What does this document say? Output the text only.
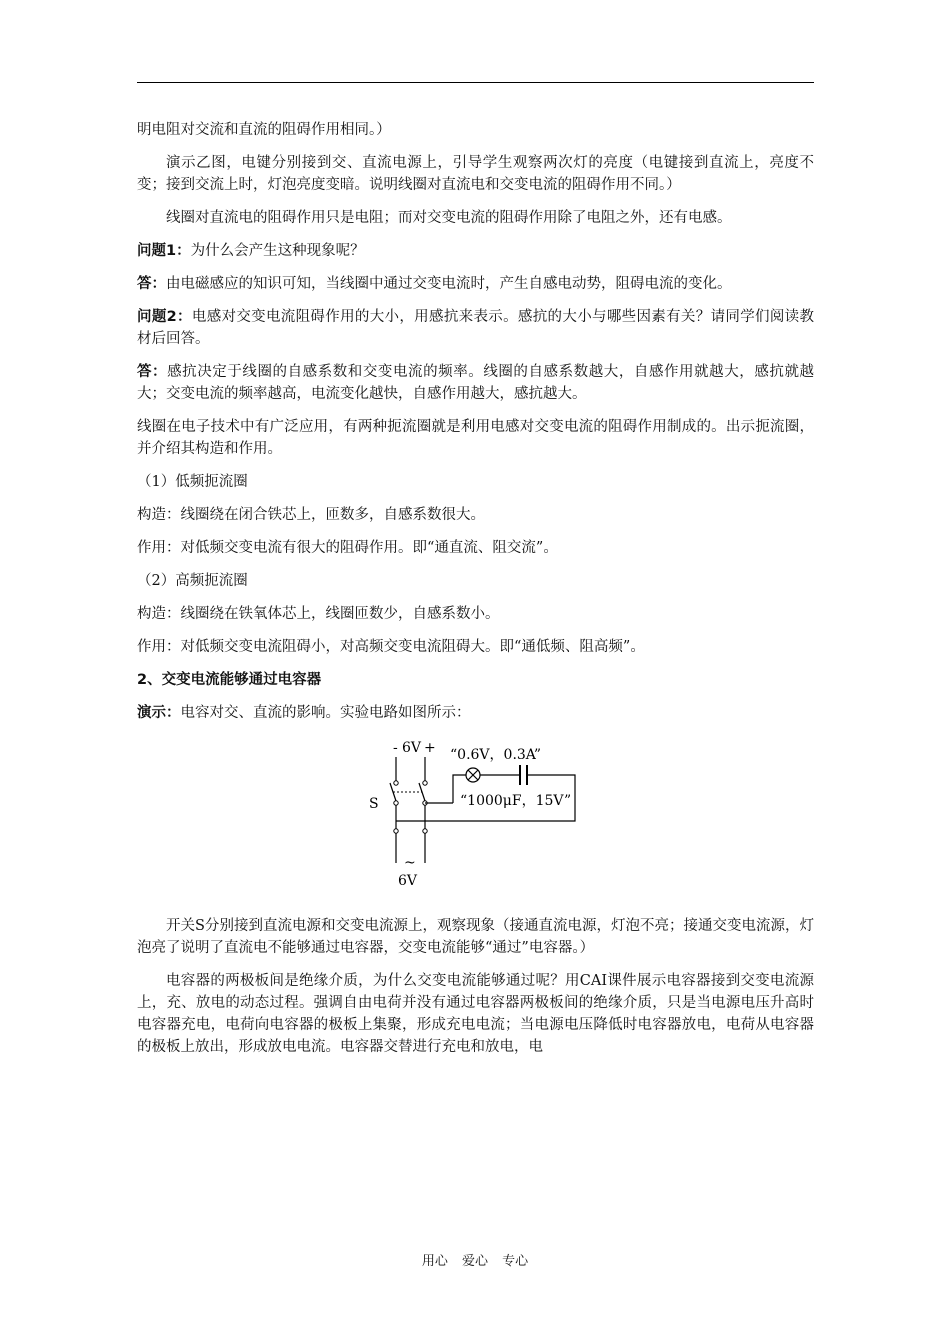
明电阻对交流和直流的阻碍作用相同。）
演示乙图，电键分别接到交、直流电源上，引导学生观察两次灯的亮度（电键接到直流上，亮度不变；接到交流上时，灯泡亮度变暗。说明线圈对直流电和交变电流的阻碍作用不同。）
线圈对直流电的阻碍作用只是电阻；而对交变电流的阻碍作用除了电阻之外，还有电感。
问题1：为什么会产生这种现象呢？
答：由电磁感应的知识可知，当线圈中通过交变电流时，产生自感电动势，阻碍电流的变化。
问题2：电感对交变电流阻碍作用的大小，用感抗来表示。感抗的大小与哪些因素有关？请同学们阅读教材后回答。
答：感抗决定于线圈的自感系数和交变电流的频率。线圈的自感系数越大，自感作用就越大，感抗就越大；交变电流的频率越高，电流变化越快，自感作用越大，感抗越大。
线圈在电子技术中有广泛应用，有两种扼流圈就是利用电感对交变电流的阻碍作用制成的。出示扼流圈，并介绍其构造和作用。
（1）低频扼流圈
构造：线圈绕在闭合铁芯上，匝数多，自感系数很大。
作用：对低频交变电流有很大的阻碍作用。即“通直流、阻交流”。
（2）高频扼流圈
构造：线圈绕在铁氧体芯上，线圈匝数少，自感系数小。
作用：对低频交变电流阻碍小，对高频交变电流阻碍大。即“通低频、阻高频”。
2、交变电流能够通过电容器
演示：电容对交、直流的影响。实验电路如图所示：
- 6V +
S
~
6V
“0.6V，0.3A”
“1000μF，15V”
开关S分别接到直流电源和交变电流源上，观察现象（接通直流电源，灯泡不亮；接通交变电流源，灯泡亮了说明了直流电不能够通过电容器，交变电流能够“通过”电容器。）
电容器的两极板间是绝缘介质，为什么交变电流能够通过呢？用CAI课件展示电容器接到交变电流源上，充、放电的动态过程。强调自由电荷并没有通过电容器两极板间的绝缘介质，只是当电源电压升高时电容器充电，电荷向电容器的极板上集聚，形成充电电流；当电源电压降低时电容器放电，电荷从电容器的极板上放出，形成放电电流。电容器交替进行充电和放电，电
用心 爱心 专心
